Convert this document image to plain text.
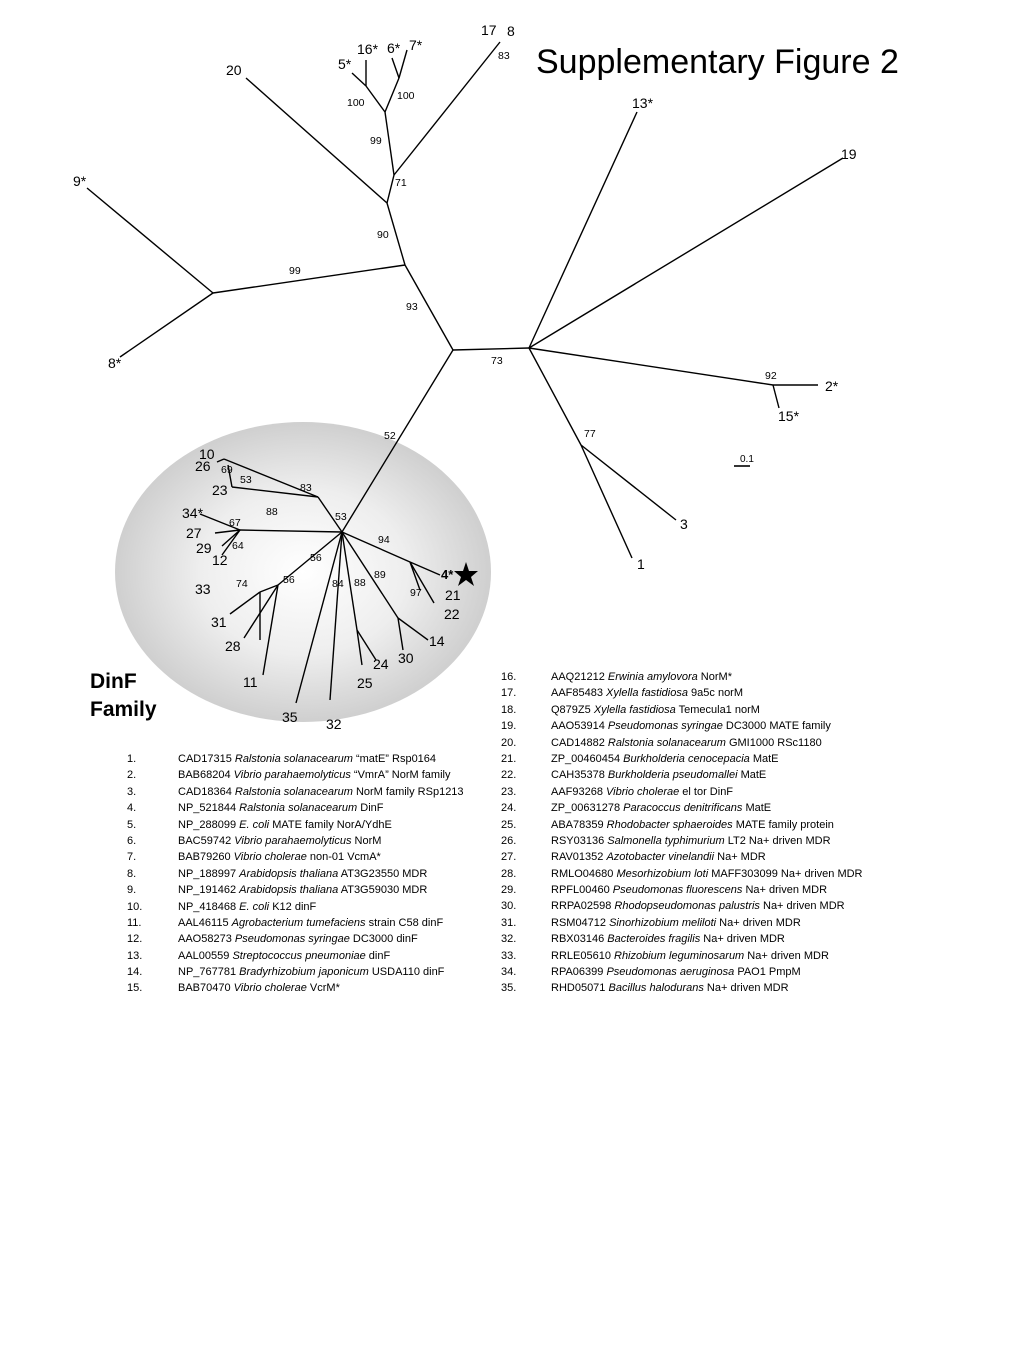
1
2*
3
4*
5*
6* 7*
8
8*
9*
10
11
12
13*
14
15*
16*
17
19
20
21
22
23
24
25
26
27
28
29
30
31
32
33
34*
35
83
100
100
99
71
90
99
93
73
92
52	77
69
53
83
88	53
67
64	94
56
56
74	84 88
89
97
0.1
Supplementary Figure 2
DinF
Family
1.	CAD17315 Ralstonia solanacearum “matE” Rsp0164
2.	BAB68204 Vibrio parahaemolyticus “VmrA” NorM family
3.	CAD18364 Ralstonia solanacearum NorM family RSp1213
4.	NP_521844 Ralstonia solanacearum DinF
5.	NP_288099 E. coli MATE family NorA/YdhE
6.	BAC59742 Vibrio parahaemolyticus NorM
7.	BAB79260 Vibrio cholerae non-01 VcmA*
8.	NP_188997 Arabidopsis thaliana AT3G23550 MDR
9.	NP_191462 Arabidopsis thaliana AT3G59030 MDR
10.	NP_418468 E. coli K12 dinF
11.	AAL46115 Agrobacterium tumefaciens strain C58 dinF
12.	AAO58273 Pseudomonas syringae DC3000 dinF
13.	AAL00559 Streptococcus pneumoniae dinF
14.	NP_767781 Bradyrhizobium japonicum USDA110 dinF
15.	BAB70470 Vibrio cholerae VcrM*
16.	AAQ21212 Erwinia amylovora NorM*
17.	AAF85483 Xylella fastidiosa 9a5c norM
18.	Q879Z5 Xylella fastidiosa Temecula1 norM
19.	AAO53914 Pseudomonas syringae DC3000 MATE family
20.	CAD14882 Ralstonia solanacearum GMI1000 RSc1180
21.	ZP_00460454 Burkholderia cenocepacia MatE
22.	CAH35378 Burkholderia pseudomallei MatE
23.	AAF93268 Vibrio cholerae el tor DinF
24.	ZP_00631278 Paracoccus denitrificans MatE
25.	ABA78359 Rhodobacter sphaeroides MATE family protein
26.	RSY03136 Salmonella typhimurium LT2 Na+ driven MDR
27.	RAV01352 Azotobacter vinelandii Na+ MDR
28.	RMLO04680 Mesorhizobium loti MAFF303099 Na+ driven MDR
29.	RPFL00460 Pseudomonas fluorescens Na+ driven MDR
30.	RRPA02598 Rhodopseudomonas palustris Na+ driven MDR
31.	RSM04712 Sinorhizobium meliloti Na+ driven MDR
32.	RBX03146 Bacteroides fragilis Na+ driven MDR
33.	RRLE05610 Rhizobium leguminosarum Na+ driven MDR
34.	RPA06399 Pseudomonas aeruginosa PAO1 PmpM
35.	RHD05071 Bacillus halodurans Na+ driven MDR
